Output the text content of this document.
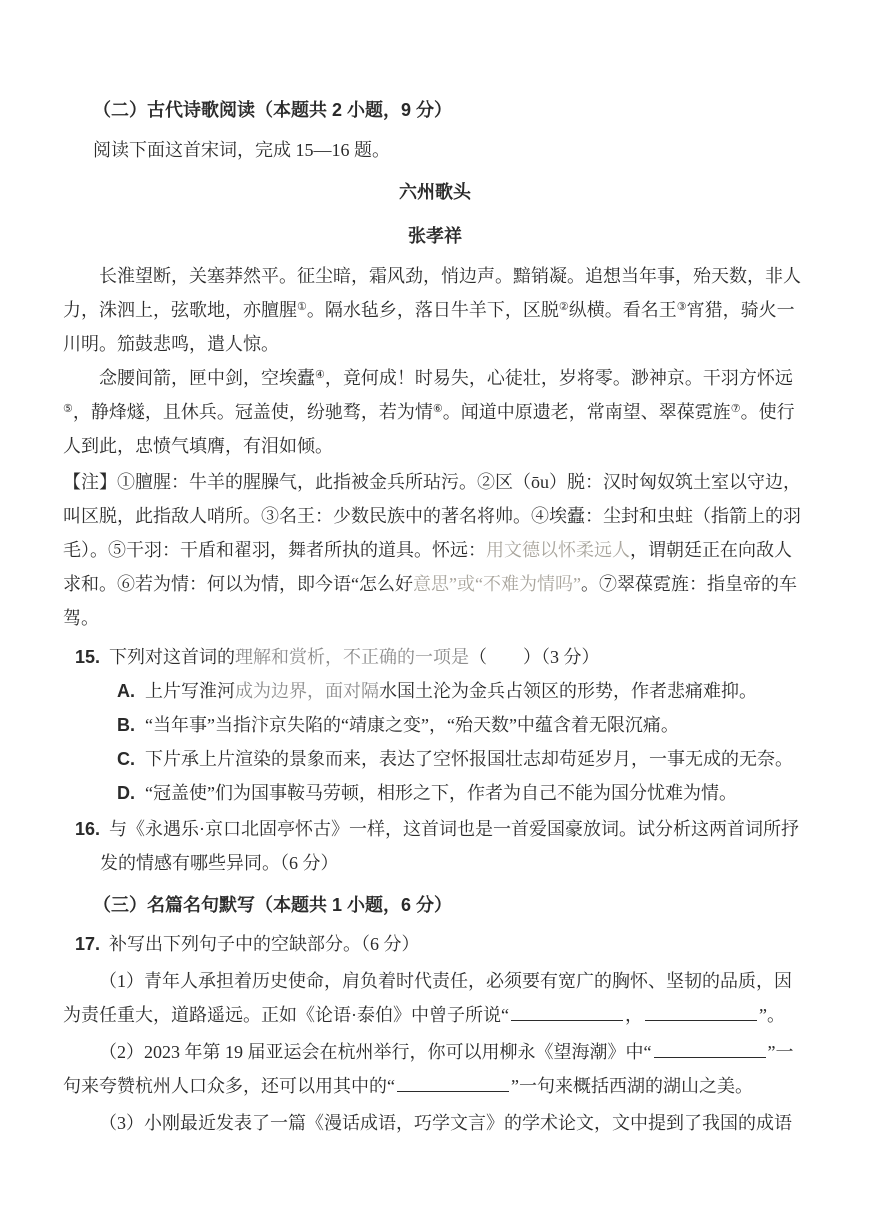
（二）古代诗歌阅读（本题共 2 小题，9 分）

阅读下面这首宋词，完成 15—16 题。

六州歌头

张孝祥

长淮望断，关塞莽然平。征尘暗，霜风劲，悄边声。黯销凝。追想当年事，殆天数，非人力，洙泗上，弦歌地，亦膻腥①。隔水毡乡，落日牛羊下，区脱②纵横。看名王③宵猎，骑火一川明。笳鼓悲鸣，遣人惊。

念腰间箭，匣中剑，空埃蠹④，竟何成！时易失，心徒壮，岁将零。渺神京。干羽方怀远⑤，静烽燧，且休兵。冠盖使，纷驰骛，若为情⑥。闻道中原遗老，常南望、翠葆霓旌⑦。使行人到此，忠愤气填膺，有泪如倾。

【注】①膻腥：牛羊的腥臊气，此指被金兵所玷污。②区（ōu）脱：汉时匈奴筑土室以守边，叫区脱，此指敌人哨所。③名王：少数民族中的著名将帅。④埃蠹：尘封和虫蛀（指箭上的羽毛）。⑤干羽：干盾和翟羽，舞者所执的道具。怀远：用文德以怀柔远人，谓朝廷正在向敌人求和。⑥若为情：何以为情，即今语“怎么好意思”或“不难为情吗”。⑦翠葆霓旌：指皇帝的车驾。

15. 下列对这首词的理解和赏析，不正确的一项是（　　）（3 分）

A. 上片写淮河成为边界，面对隔水国土沦为金兵占领区的形势，作者悲痛难抑。

B. “当年事”当指汴京失陷的“靖康之变”，“殆天数”中蕴含着无限沉痛。

C. 下片承上片渲染的景象而来，表达了空怀报国壮志却苟延岁月，一事无成的无奈。

D. “冠盖使”们为国事鞍马劳顿，相形之下，作者为自己不能为国分忧难为情。

16. 与《永遇乐·京口北固亭怀古》一样，这首词也是一首爱国豪放词。试分析这两首词所抒发的情感有哪些异同。（6 分）

（三）名篇名句默写（本题共 1 小题，6 分）

17. 补写出下列句子中的空缺部分。（6 分）

（1）青年人承担着历史使命，肩负着时代责任，必须要有宽广的胸怀、坚韧的品质，因为责任重大，道路遥远。正如《论语·泰伯》中曾子所说“	，	”。

（2）2023 年第 19 届亚运会在杭州举行，你可以用柳永《望海潮》中“	”一句来夸赞杭州人口众多，还可以用其中的“	”一句来概括西湖的湖山之美。

（3）小刚最近发表了一篇《漫话成语，巧学文言》的学术论文，文中提到了我国的成语
